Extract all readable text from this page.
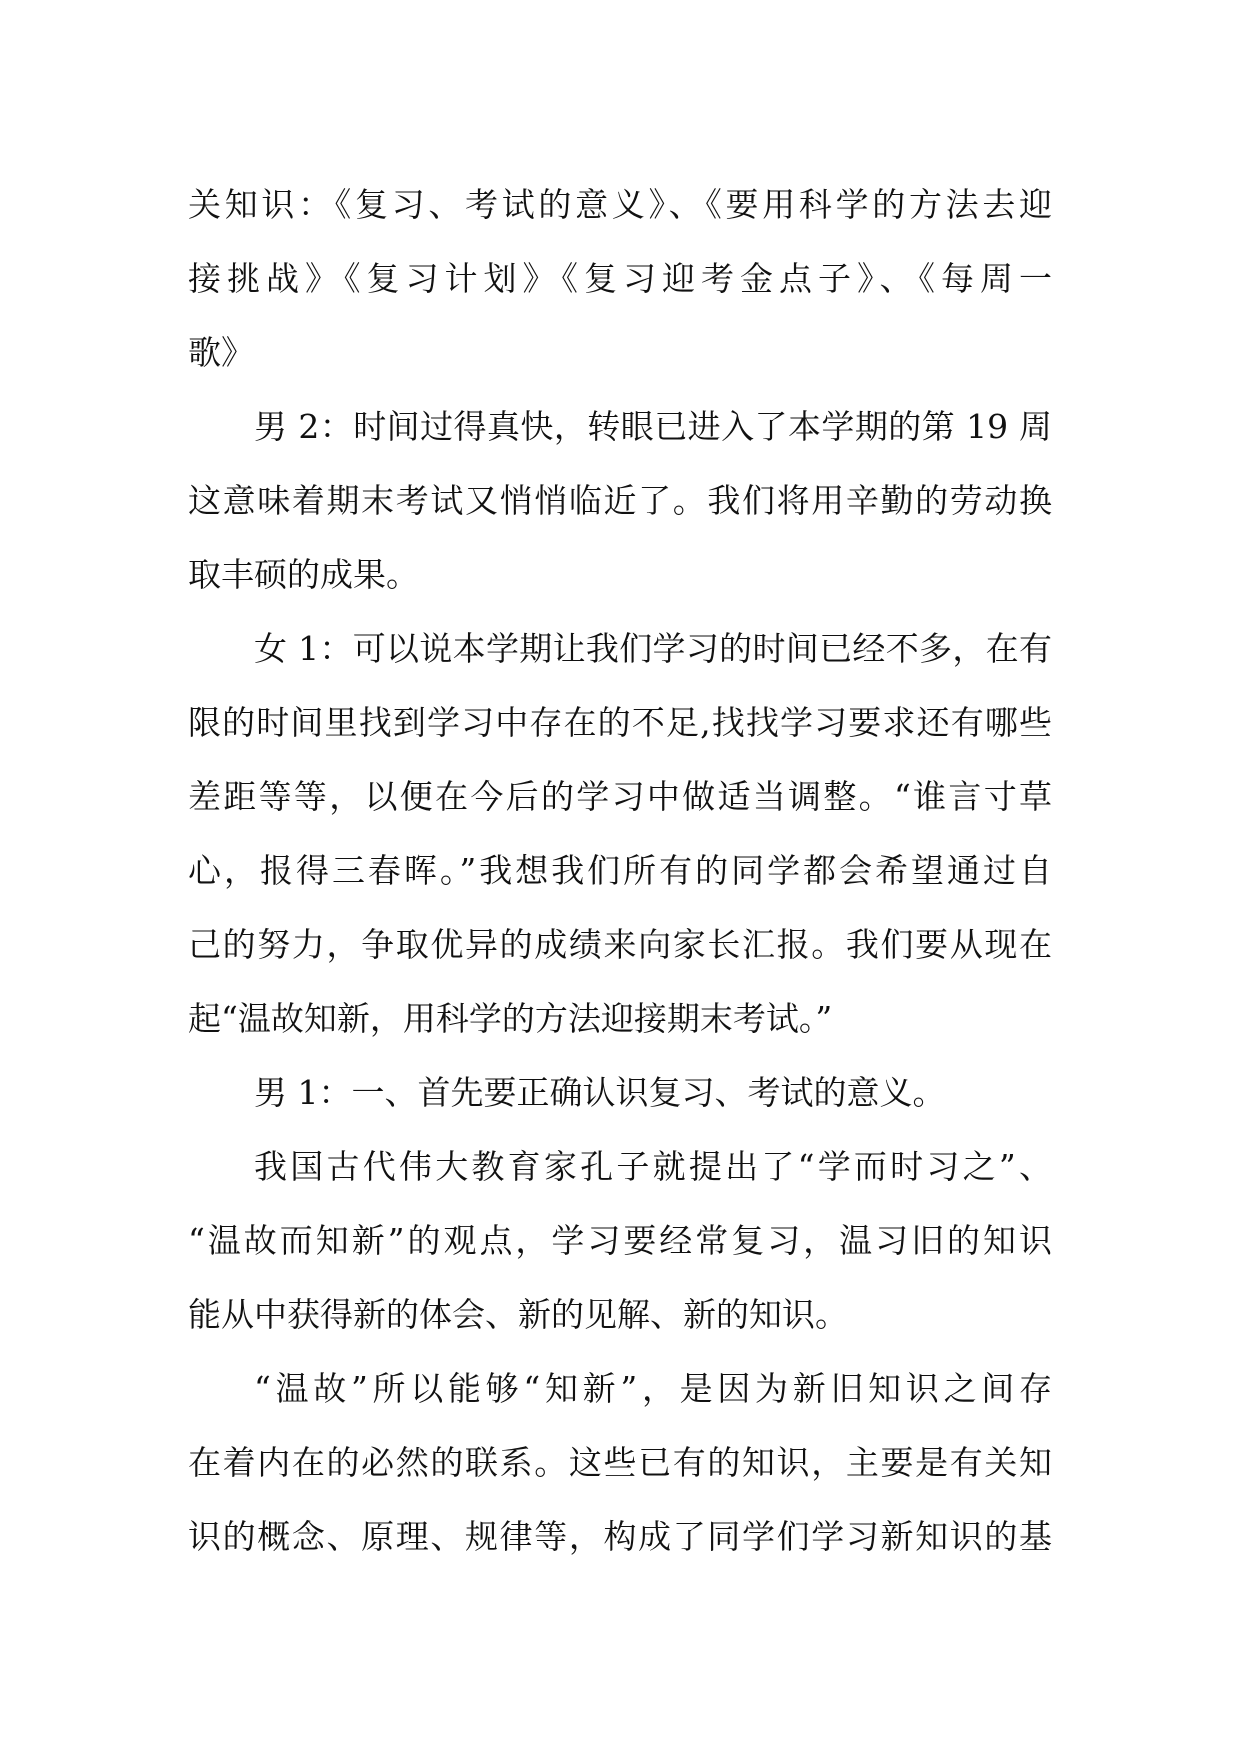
关知识：《复习、考试的意义》、《要用科学的方法去迎
接挑战》《复习计划》《复习迎考金点子》、《每周一
歌》
男 2：时间过得真快，转眼已进入了本学期的第 19 周
这意味着期末考试又悄悄临近了。我们将用辛勤的劳动换
取丰硕的成果。
女 1：可以说本学期让我们学习的时间已经不多，在有
限的时间里找到学习中存在的不足,找找学习要求还有哪些
差距等等，以便在今后的学习中做适当调整。“谁言寸草
心，报得三春晖。”我想我们所有的同学都会希望通过自
己的努力，争取优异的成绩来向家长汇报。我们要从现在
起“温故知新，用科学的方法迎接期末考试。”
男 1：一、首先要正确认识复习、考试的意义。
我国古代伟大教育家孔子就提出了“学而时习之”、
“温故而知新”的观点，学习要经常复习，温习旧的知识
能从中获得新的体会、新的见解、新的知识。
“温故”所以能够“知新”，是因为新旧知识之间存
在着内在的必然的联系。这些已有的知识，主要是有关知
识的概念、原理、规律等，构成了同学们学习新知识的基
